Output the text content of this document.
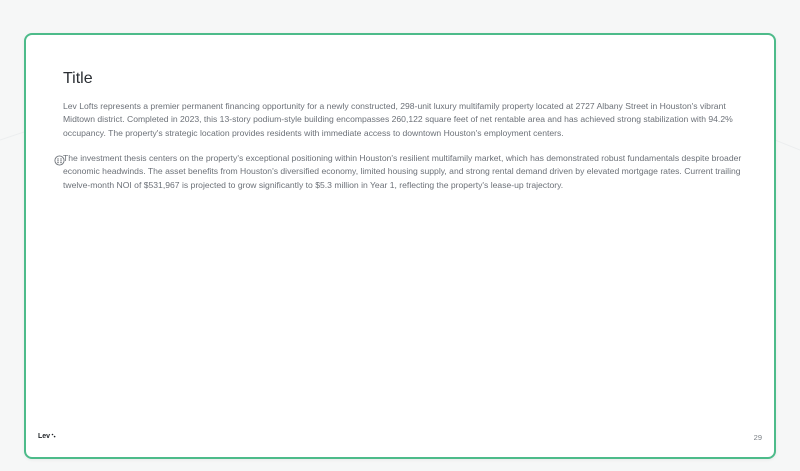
Title

Lev Lofts represents a premier permanent financing opportunity for a newly constructed, 298-unit luxury multifamily property located at 2727 Albany Street in Houston's vibrant Midtown district. Completed in 2023, this 13-story podium-style building encompasses 260,122 square feet of net rentable area and has achieved strong stabilization with 94.2% occupancy. The property's strategic location provides residents with immediate access to downtown Houston's employment centers.

The investment thesis centers on the property's exceptional positioning within Houston's resilient multifamily market, which has demonstrated robust fundamentals despite broader economic headwinds. The asset benefits from Houston's diversified economy, limited housing supply, and strong rental demand driven by elevated mortgage rates. Current trailing twelve-month NOI of $531,967 is projected to grow significantly to $5.3 million in Year 1, reflecting the property's lease-up trajectory.

Lev	29
